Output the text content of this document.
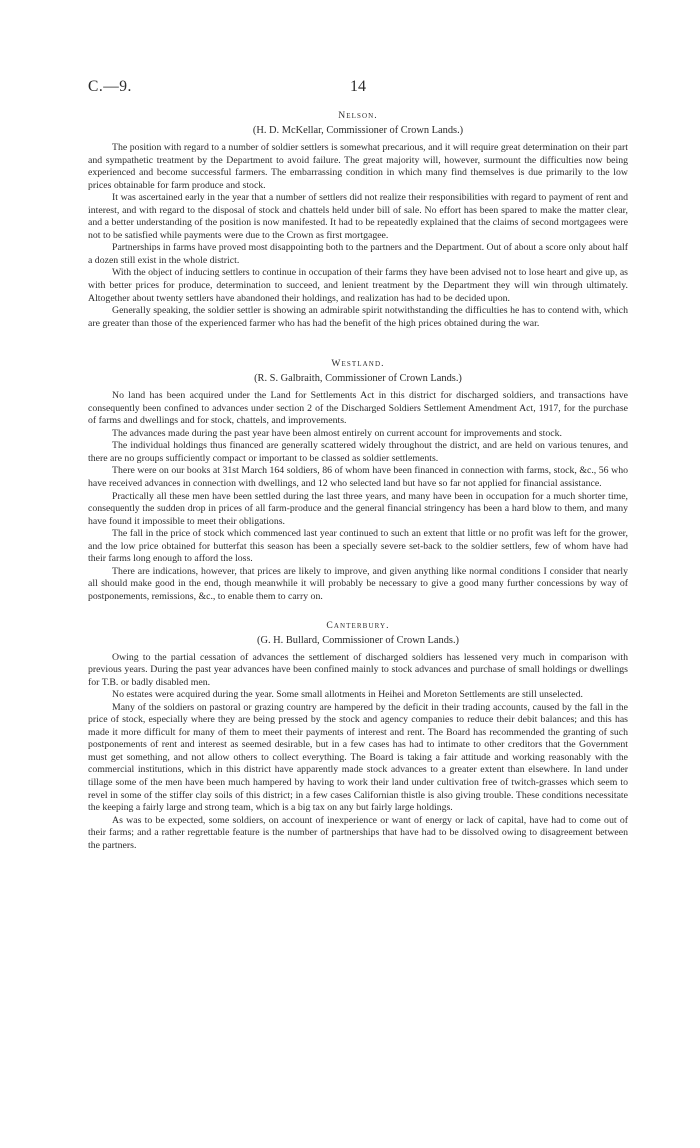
C.—9.	14
Nelson.
(H. D. McKellar, Commissioner of Crown Lands.)

The position with regard to a number of soldier settlers is somewhat precarious, and it will require great determination on their part and sympathetic treatment by the Department to avoid failure. The great majority will, however, surmount the difficulties now being experienced and become successful farmers. The embarrassing condition in which many find themselves is due primarily to the low prices obtainable for farm produce and stock.

It was ascertained early in the year that a number of settlers did not realize their responsibilities with regard to payment of rent and interest, and with regard to the disposal of stock and chattels held under bill of sale. No effort has been spared to make the matter clear, and a better understanding of the position is now manifested. It had to be repeatedly explained that the claims of second mortgagees were not to be satisfied while payments were due to the Crown as first mortgagee.

Partnerships in farms have proved most disappointing both to the partners and the Department. Out of about a score only about half a dozen still exist in the whole district.

With the object of inducing settlers to continue in occupation of their farms they have been advised not to lose heart and give up, as with better prices for produce, determination to succeed, and lenient treatment by the Department they will win through ultimately. Altogether about twenty settlers have abandoned their holdings, and realization has had to be decided upon.

Generally speaking, the soldier settler is showing an admirable spirit notwithstanding the difficulties he has to contend with, which are greater than those of the experienced farmer who has had the benefit of the high prices obtained during the war.

Westland.
(R. S. Galbraith, Commissioner of Crown Lands.)

No land has been acquired under the Land for Settlements Act in this district for discharged soldiers, and transactions have consequently been confined to advances under section 2 of the Discharged Soldiers Settlement Amendment Act, 1917, for the purchase of farms and dwellings and for stock, chattels, and improvements.

The advances made during the past year have been almost entirely on current account for improvements and stock.

The individual holdings thus financed are generally scattered widely throughout the district, and are held on various tenures, and there are no groups sufficiently compact or important to be classed as soldier settlements.

There were on our books at 31st March 164 soldiers, 86 of whom have been financed in connection with farms, stock, &c., 56 who have received advances in connection with dwellings, and 12 who selected land but have so far not applied for financial assistance.

Practically all these men have been settled during the last three years, and many have been in occupation for a much shorter time, consequently the sudden drop in prices of all farm-produce and the general financial stringency has been a hard blow to them, and many have found it impossible to meet their obligations.

The fall in the price of stock which commenced last year continued to such an extent that little or no profit was left for the grower, and the low price obtained for butterfat this season has been a specially severe set-back to the soldier settlers, few of whom have had their farms long enough to afford the loss.

There are indications, however, that prices are likely to improve, and given anything like normal conditions I consider that nearly all should make good in the end, though meanwhile it will probably be necessary to give a good many further concessions by way of postponements, remissions, &c., to enable them to carry on.

Canterbury.
(G. H. Bullard, Commissioner of Crown Lands.)

Owing to the partial cessation of advances the settlement of discharged soldiers has lessened very much in comparison with previous years. During the past year advances have been confined mainly to stock advances and purchase of small holdings or dwellings for T.B. or badly disabled men.

No estates were acquired during the year. Some small allotments in Heihei and Moreton Settlements are still unselected.

Many of the soldiers on pastoral or grazing country are hampered by the deficit in their trading accounts, caused by the fall in the price of stock, especially where they are being pressed by the stock and agency companies to reduce their debit balances; and this has made it more difficult for many of them to meet their payments of interest and rent. The Board has recommended the granting of such postponements of rent and interest as seemed desirable, but in a few cases has had to intimate to other creditors that the Government must get something, and not allow others to collect everything. The Board is taking a fair attitude and working reasonably with the commercial institutions, which in this district have apparently made stock advances to a greater extent than elsewhere. In land under tillage some of the men have been much hampered by having to work their land under cultivation free of twitch-grasses which seem to revel in some of the stiffer clay soils of this district; in a few cases Californian thistle is also giving trouble. These conditions necessitate the keeping a fairly large and strong team, which is a big tax on any but fairly large holdings.

As was to be expected, some soldiers, on account of inexperience or want of energy or lack of capital, have had to come out of their farms; and a rather regrettable feature is the number of partnerships that have had to be dissolved owing to disagreement between the partners.
